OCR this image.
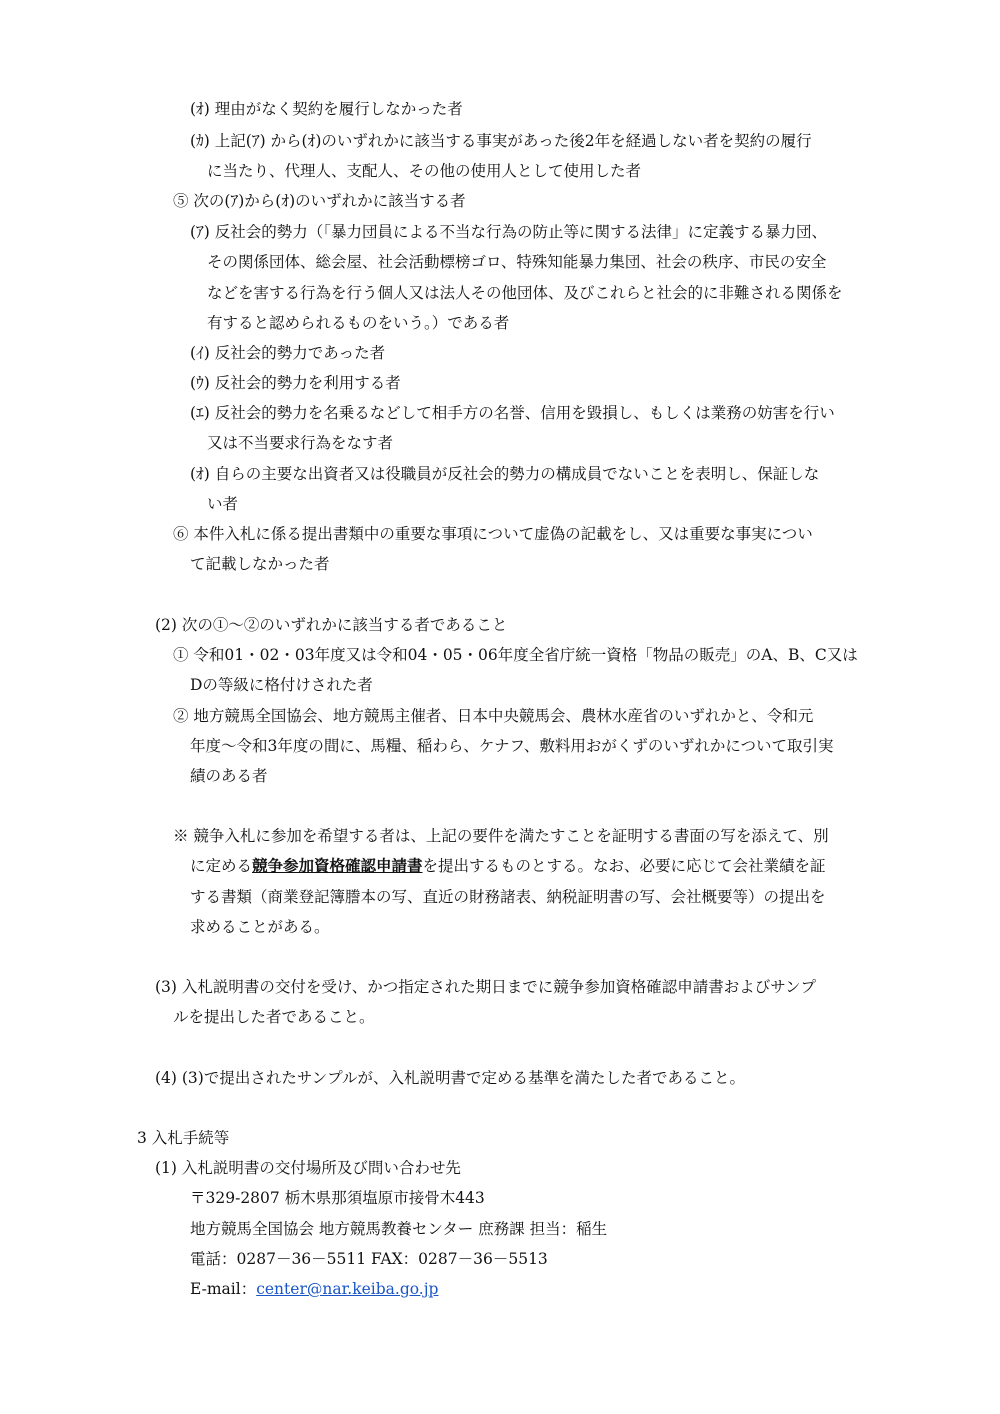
(ｵ) 理由がなく契約を履行しなかった者
(ｶ) 上記(ｱ) から(ｵ)のいずれかに該当する事実があった後2年を経過しない者を契約の履行
に当たり、代理人、支配人、その他の使用人として使用した者
⑤ 次の(ｱ)から(ｵ)のいずれかに該当する者
(ｱ) 反社会的勢力（「暴力団員による不当な行為の防止等に関する法律」に定義する暴力団、
その関係団体、総会屋、社会活動標榜ゴロ、特殊知能暴力集団、社会の秩序、市民の安全
などを害する行為を行う個人又は法人その他団体、及びこれらと社会的に非難される関係を
有すると認められるものをいう。）である者
(ｲ) 反社会的勢力であった者
(ｳ) 反社会的勢力を利用する者
(ｴ) 反社会的勢力を名乗るなどして相手方の名誉、信用を毀損し、もしくは業務の妨害を行い
又は不当要求行為をなす者
(ｵ) 自らの主要な出資者又は役職員が反社会的勢力の構成員でないことを表明し、保証しな
い者
⑥ 本件入札に係る提出書類中の重要な事項について虚偽の記載をし、又は重要な事実につい
て記載しなかった者
(2) 次の①～②のいずれかに該当する者であること
① 令和01・02・03年度又は令和04・05・06年度全省庁統一資格「物品の販売」のA、B、C又は
Dの等級に格付けされた者
② 地方競馬全国協会、地方競馬主催者、日本中央競馬会、農林水産省のいずれかと、令和元
年度～令和3年度の間に、馬糧、稲わら、ケナフ、敷料用おがくずのいずれかについて取引実
績のある者
※ 競争入札に参加を希望する者は、上記の要件を満たすことを証明する書面の写を添えて、別
に定める競争参加資格確認申請書を提出するものとする。なお、必要に応じて会社業績を証
する書類（商業登記簿謄本の写、直近の財務諸表、納税証明書の写、会社概要等）の提出を
求めることがある。
(3) 入札説明書の交付を受け、かつ指定された期日までに競争参加資格確認申請書およびサンプ
ルを提出した者であること。
(4) (3)で提出されたサンプルが、入札説明書で定める基準を満たした者であること。
3 入札手続等
(1) 入札説明書の交付場所及び問い合わせ先
〒329-2807 栃木県那須塩原市接骨木443
地方競馬全国協会 地方競馬教養センター 庶務課 担当：稲生
電話：0287－36－5511 FAX：0287－36－5513
E-mail：center@nar.keiba.go.jp
